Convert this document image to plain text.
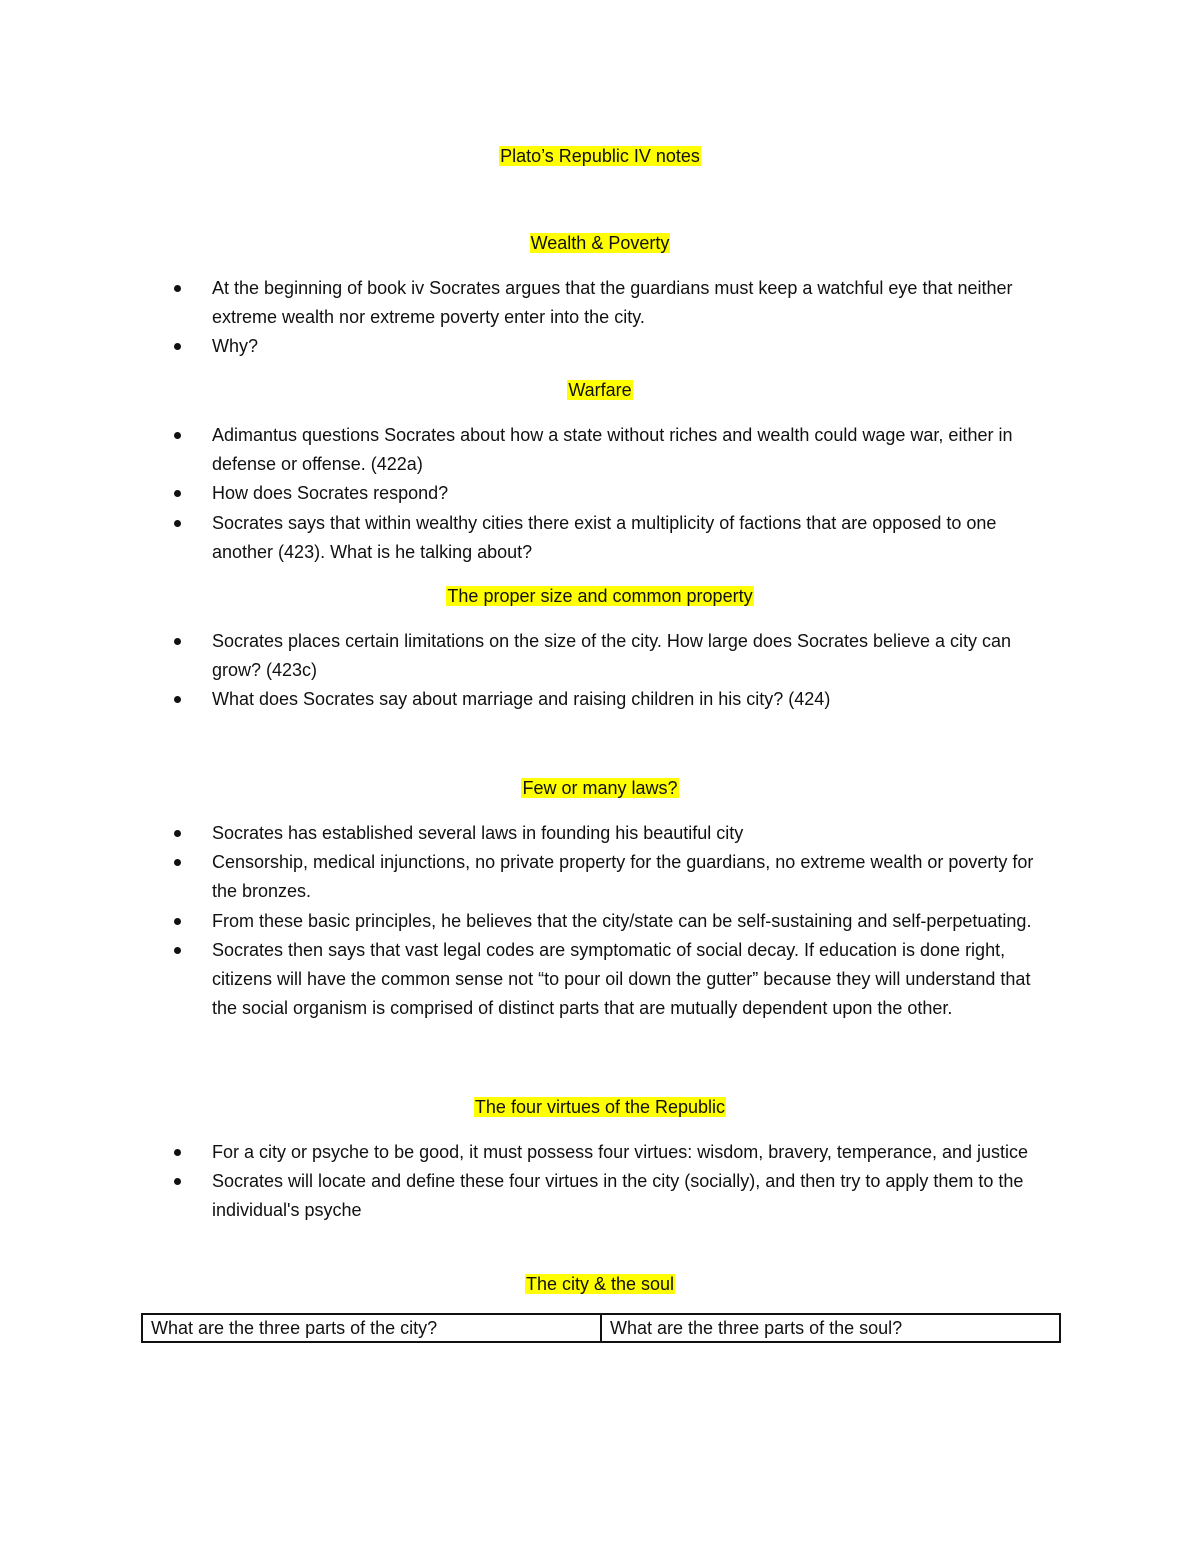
Plato’s Republic IV notes
Wealth & Poverty
At the beginning of book iv Socrates argues that the guardians must keep a watchful eye that neither extreme wealth nor extreme poverty enter into the city.
Why?
Warfare
Adimantus questions Socrates about how a state without riches and wealth could wage war, either in defense or offense. (422a)
How does Socrates respond?
Socrates says that within wealthy cities there exist a multiplicity of factions that are opposed to one another (423). What is he talking about?
The proper size and common property
Socrates places certain limitations on the size of the city. How large does Socrates believe a city can grow? (423c)
What does Socrates say about marriage and raising children in his city? (424)
Few or many laws?
Socrates has established several laws in founding his beautiful city
Censorship, medical injunctions, no private property for the guardians, no extreme wealth or poverty for the bronzes.
From these basic principles, he believes that the city/state can be self-sustaining and self-perpetuating.
Socrates then says that vast legal codes are symptomatic of social decay. If education is done right, citizens will have the common sense not “to pour oil down the gutter” because they will understand that the social organism is comprised of distinct parts that are mutually dependent upon the other.
The four virtues of the Republic
For a city or psyche to be good, it must possess four virtues: wisdom, bravery, temperance, and justice
Socrates will locate and define these four virtues in the city (socially), and then try to apply them to the individual's psyche
The city & the soul
What are the three parts of the city?	What are the three parts of the soul?
